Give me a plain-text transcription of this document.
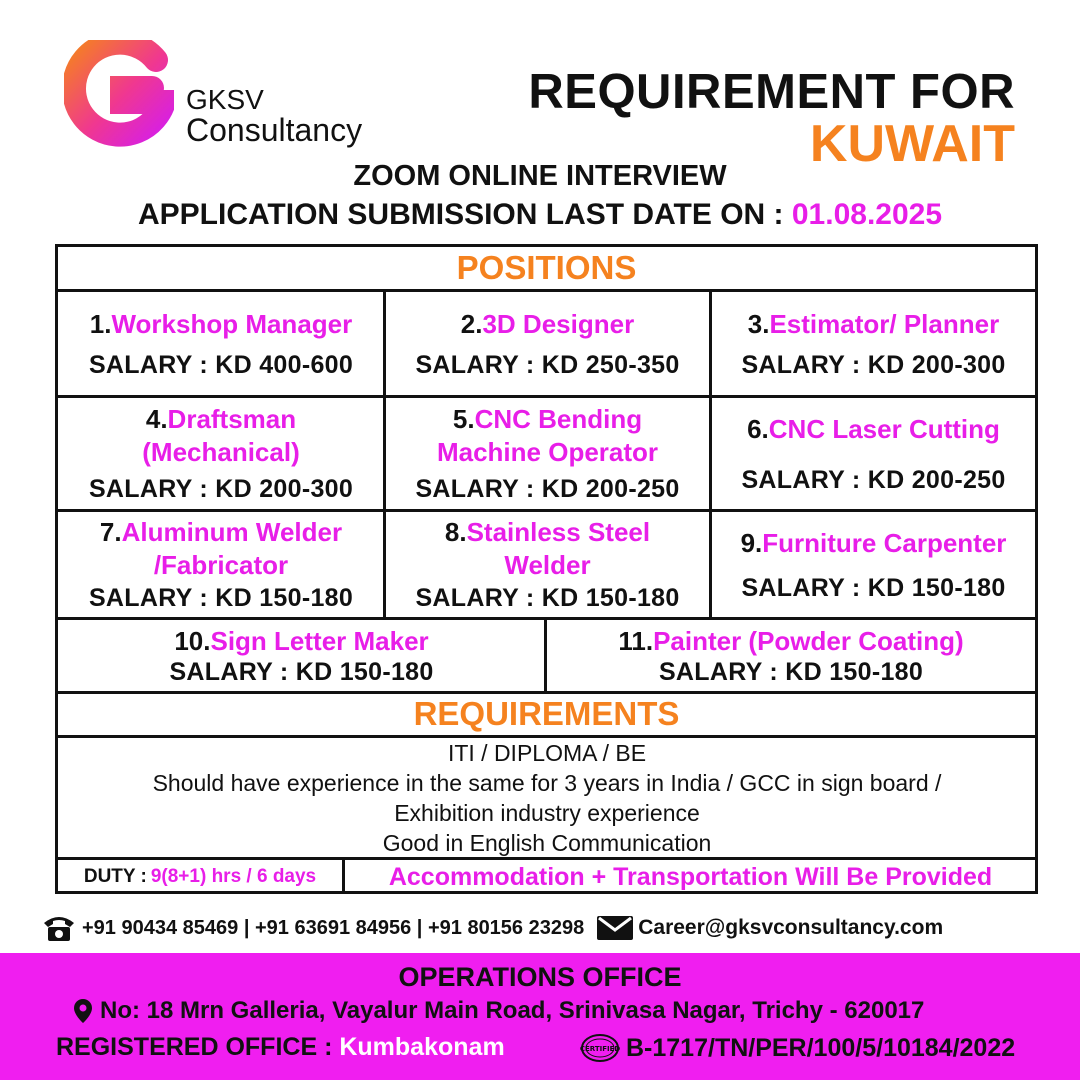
GKSV
Consultancy
REQUIREMENT FOR
KUWAIT
ZOOM ONLINE INTERVIEW
APPLICATION SUBMISSION LAST DATE ON : 01.08.2025
POSITIONS
1.Workshop Manager
SALARY : KD 400-600
2.3D Designer
SALARY : KD 250-350
3.Estimator/ Planner
SALARY : KD 200-300
4.Draftsman
(Mechanical)
SALARY : KD 200-300
5.CNC Bending
Machine Operator
SALARY : KD 200-250
6.CNC Laser Cutting
SALARY : KD 200-250
7.Aluminum Welder
/Fabricator
SALARY : KD 150-180
8.Stainless Steel
Welder
SALARY : KD 150-180
9.Furniture Carpenter
SALARY : KD 150-180
10.Sign Letter Maker
SALARY : KD 150-180
11.Painter (Powder Coating)
SALARY : KD 150-180
REQUIREMENTS
ITI / DIPLOMA / BE
Should have experience in the same for 3 years in India / GCC in sign board /
Exhibition industry experience
Good in English Communication
DUTY : 9(8+1) hrs / 6 days	Accommodation + Transportation Will Be Provided
+91 90434 85469 | +91 63691 84956 | +91 80156 23298	Career@gksvconsultancy.com
OPERATIONS OFFICE
No: 18 Mrn Galleria, Vayalur Main Road, Srinivasa Nagar, Trichy - 620017
REGISTERED OFFICE : Kumbakonam	CERTIFIED B-1717/TN/PER/100/5/10184/2022
